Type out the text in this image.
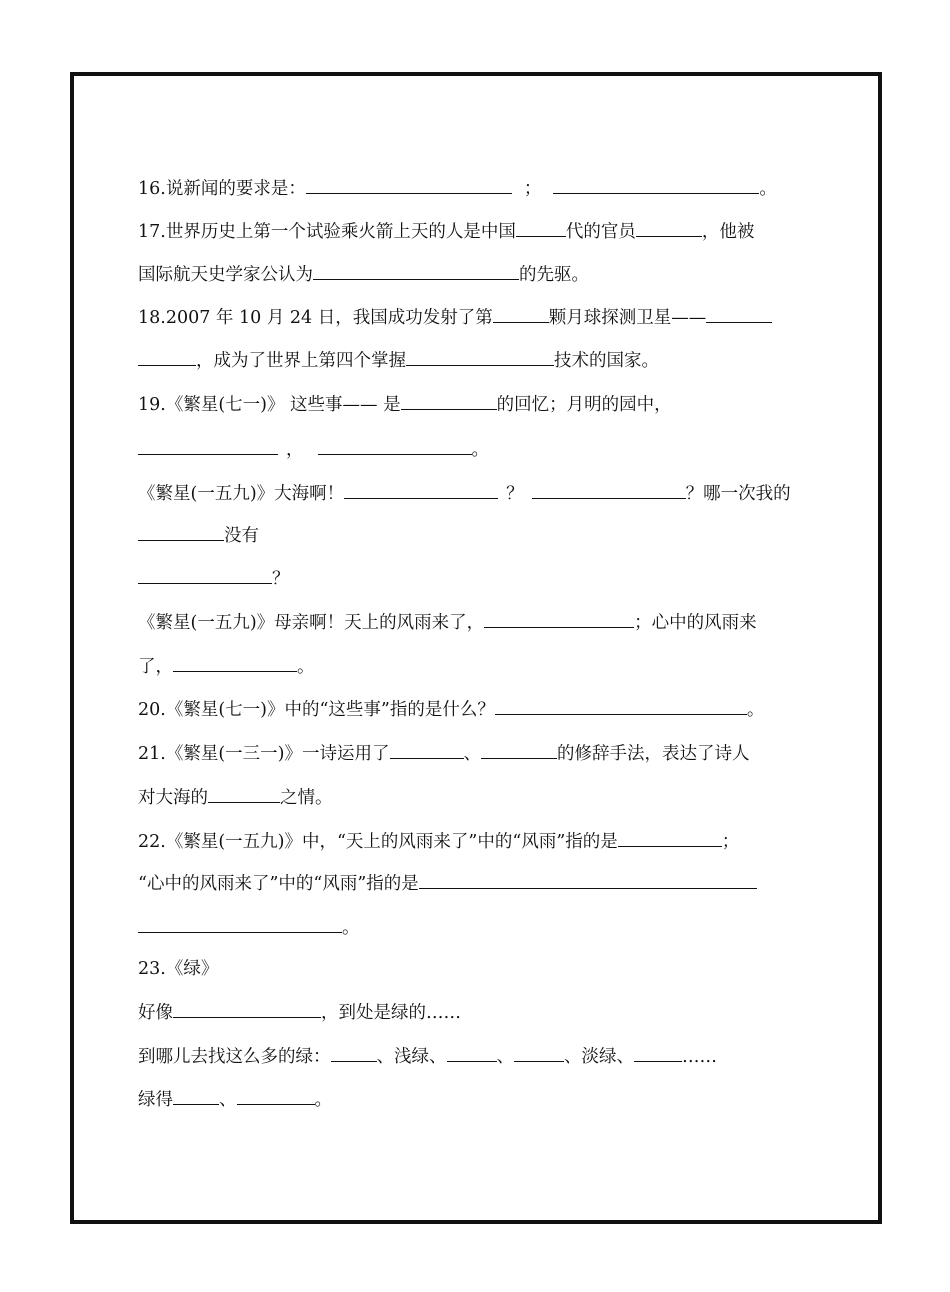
16.说新闻的要求是：	；	。
17.世界历史上第一个试验乘火箭上天的人是中国	代的官员	，他被
国际航天史学家公认为	的先驱。
18.2007 年 10 月 24 日，我国成功发射了第	颗月球探测卫星——
，成为了世界上第四个掌握	技术的国家。
19.《繁星(七一)》 这些事—— 是	的回忆；月明的园中，
，	。
《繁星(一五九)》大海啊！	？	？哪一次我的
没有
？
《繁星(一五九)》母亲啊！天上的风雨来了，	；心中的风雨来
了，	。
20.《繁星(七一)》中的“这些事”指的是什么？	。
21.《繁星(一三一)》一诗运用了	、	的修辞手法，表达了诗人
对大海的	之情。
22.《繁星(一五九)》中，“天上的风雨来了”中的“风雨”指的是	；
“心中的风雨来了”中的“风雨”指的是
。
23.《绿》
好像	，到处是绿的……
到哪儿去找这么多的绿：	、浅绿、	、	、淡绿、	……
绿得	、	。
